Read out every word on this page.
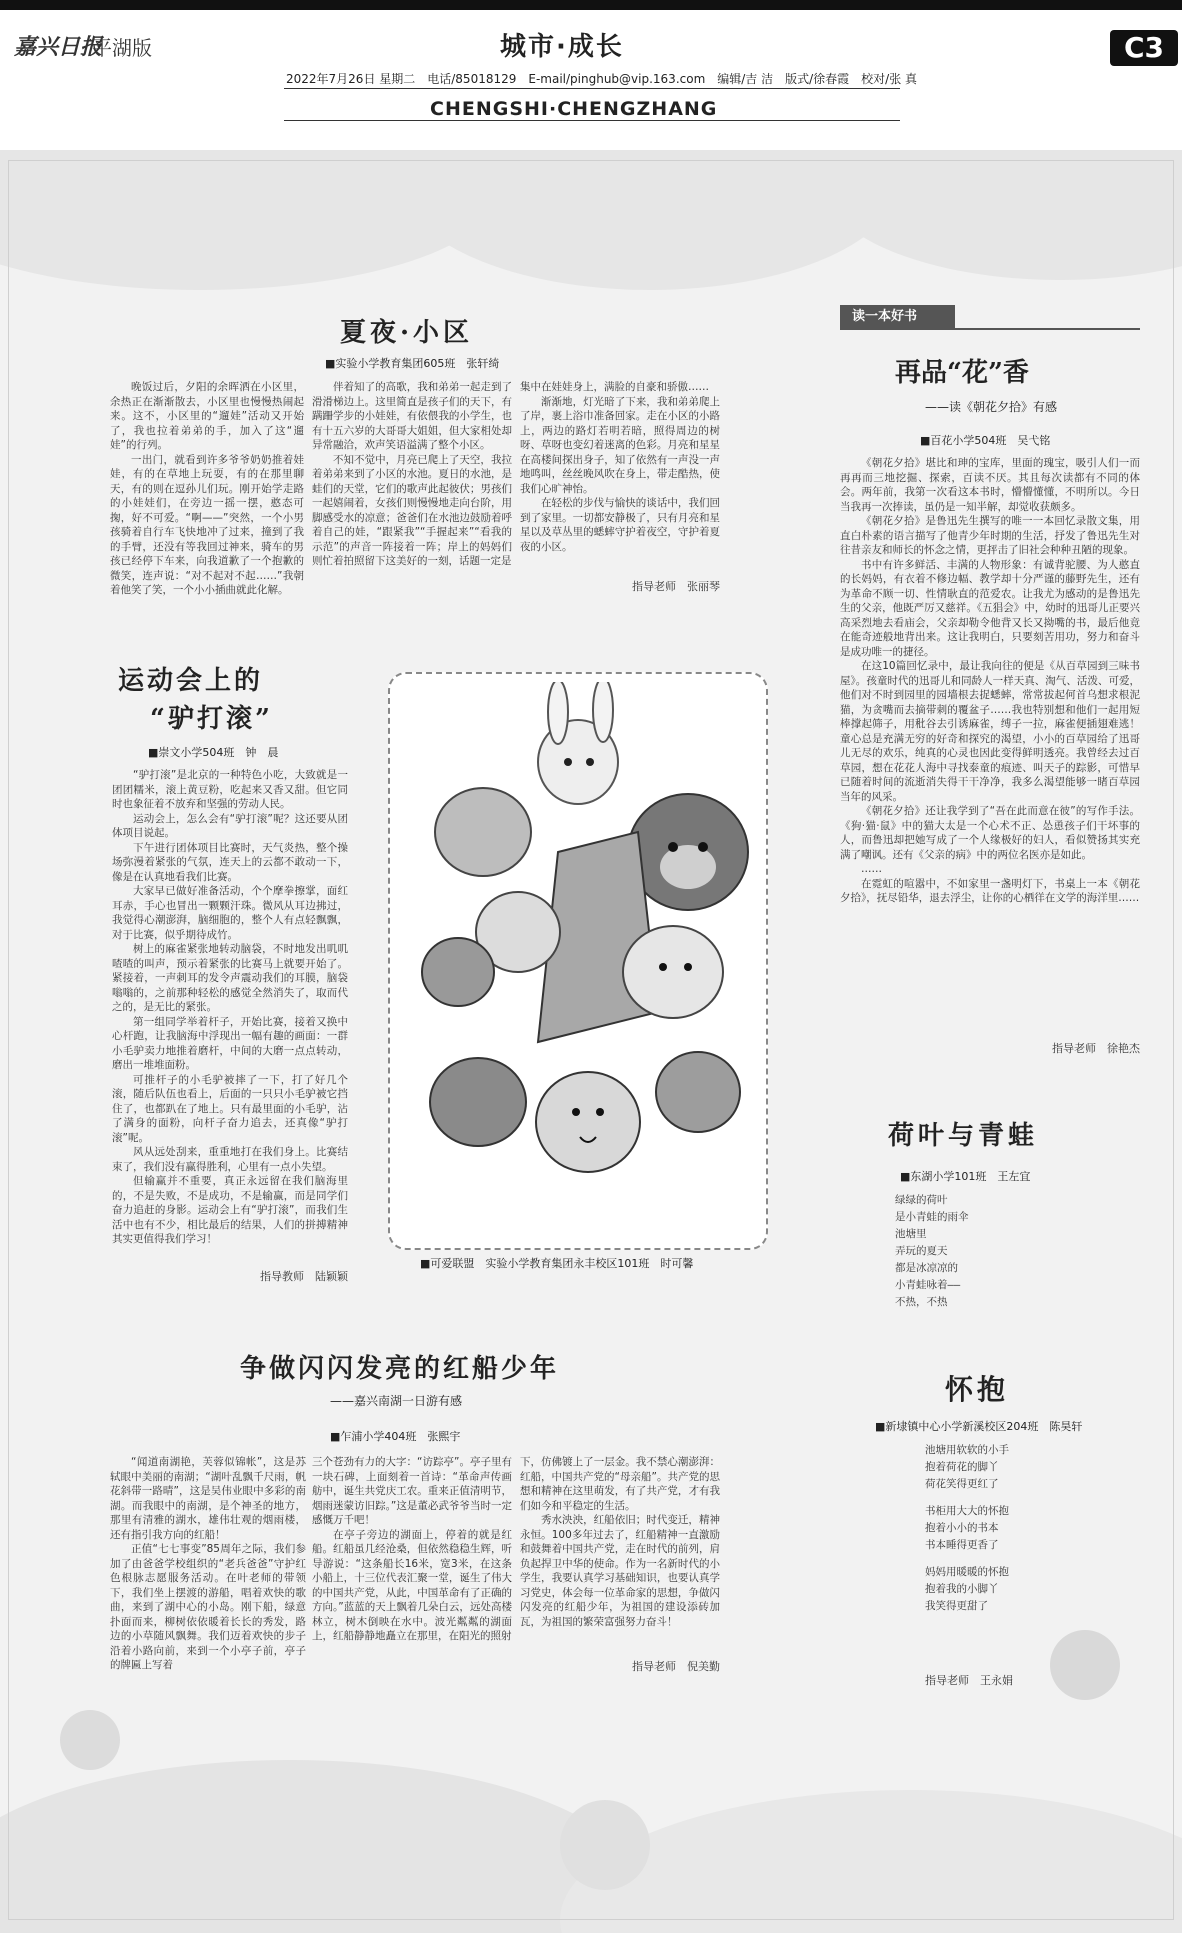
嘉兴日报
平湖版	城市·成长	C3
2022年7月26日 星期二　电话/85018129　E-mail/pinghub@vip.163.com　编辑/吉 洁　版式/徐春霞　校对/张 真
CHENGSHI·CHENGZHANG
夏夜·小区
■实验小学教育集团605班　张轩绮

晚饭过后，夕阳的余晖洒在小区里，余热正在渐渐散去，小区里也慢慢热闹起来。这不，小区里的“遛娃”活动又开始了，我也拉着弟弟的手，加入了这“遛娃”的行列。

一出门，就看到许多爷爷奶奶推着娃娃，有的在草地上玩耍，有的在那里聊天，有的则在逗孙儿们玩。刚开始学走路的小娃娃们，在旁边一摇一摆，憨态可掬，好不可爱。“啊——”突然，一个小男孩骑着自行车飞快地冲了过来，撞到了我的手臂，还没有等我回过神来，骑车的男孩已经停下车来，向我道歉了一个抱歉的微笑，连声说：“对不起对不起……”我朝着他笑了笑，一个小小插曲就此化解。

伴着知了的高歌，我和弟弟一起走到了滑滑梯边上。这里简直是孩子们的天下，有蹒跚学步的小娃娃，有依偎我的小学生，也有十五六岁的大哥哥大姐姐，但大家相处却异常融洽，欢声笑语溢满了整个小区。

不知不觉中，月亮已爬上了天空，我拉着弟弟来到了小区的水池。夏日的水池，是蛙们的天堂，它们的歌声此起彼伏；男孩们一起嬉闹着，女孩们则慢慢地走向台阶，用脚感受水的凉意；爸爸们在水池边鼓励着呼着自己的娃，“跟紧我”“手握起来”“看我的示范”的声音一阵接着一阵；岸上的妈妈们则忙着拍照留下这美好的一刻，话题一定是

集中在娃娃身上，满脸的自豪和骄傲……

渐渐地，灯光暗了下来，我和弟弟爬上了岸，裹上浴巾准备回家。走在小区的小路上，两边的路灯若明若暗，照得周边的树呀、草呀也变幻着迷离的色彩。月亮和星星在高楼间探出身子，知了依然有一声没一声地鸣叫，丝丝晚风吹在身上，带走酷热，使我们心旷神怡。

在轻松的步伐与愉快的谈话中，我们回到了家里。一切都安静极了，只有月亮和星星以及草丛里的蟋蟀守护着夜空，守护着夏夜的小区。

指导老师　张丽琴
运动会上的
“驴打滚”
■崇文小学504班　钟　晨

“驴打滚”是北京的一种特色小吃，大致就是一团团糯米，滚上黄豆粉，吃起来又香又甜。但它同时也象征着不放弃和坚强的劳动人民。

运动会上，怎么会有“驴打滚”呢？这还要从团体项目说起。

下午进行团体项目比赛时，天气炎热，整个操场弥漫着紧张的气氛，连天上的云都不敢动一下，像是在认真地看我们比赛。

大家早已做好准备活动，个个摩拳擦掌，面红耳赤，手心也冒出一颗颗汗珠。微风从耳边拂过，我觉得心潮澎湃，脑细胞的，整个人有点轻飘飘，对于比赛，似乎期待成竹。

树上的麻雀紧张地转动脑袋，不时地发出叽叽喳喳的叫声，预示着紧张的比赛马上就要开始了。紧接着，一声刺耳的发令声震动我们的耳膜，脑袋嗡嗡的，之前那种轻松的感觉全然消失了，取而代之的，是无比的紧张。

第一组同学举着杆子，开始比赛，接着又换中心杆跑，让我脑海中浮现出一幅有趣的画面：一群小毛驴卖力地推着磨杆，中间的大磨一点点转动，磨出一堆堆面粉。

可推杆子的小毛驴被摔了一下，打了好几个滚，随后队伍也看上，后面的一只只小毛驴被它挡住了，也都趴在了地上。只有最里面的小毛驴，沾了满身的面粉，向杆子奋力追去，还真像“驴打滚”呢。

风从远处刮来，重重地打在我们身上。比赛结束了，我们没有赢得胜利，心里有一点小失望。

但输赢并不重要，真正永远留在我们脑海里的，不是失败，不是成功，不是输赢，而是同学们奋力追赶的身影。运动会上有“驴打滚”，而我们生活中也有不少，相比最后的结果，人们的拼搏精神其实更值得我们学习！

指导教师　陆颖颖
■可爱联盟　实验小学教育集团永丰校区101班　时可馨
争做闪闪发亮的红船少年
——嘉兴南湖一日游有感
■乍浦小学404班　张熙宇

“闻道南湖艳，芙蓉似锦帐”，这是苏轼眼中美丽的南湖；“湖叶乱飘千尺雨，帆花斜带一路晴”，这是吴伟业眼中多彩的南湖。而我眼中的南湖，是个神圣的地方，那里有清雅的湖水，雄伟壮观的烟雨楼，还有指引我方向的红船！

正值“七七事变”85周年之际，我们参加了由爸爸学校组织的“老兵爸爸”守护红色根脉志愿服务活动。在叶老师的带领下，我们坐上摆渡的游船，唱着欢快的歌曲，来到了湖中心的小岛。刚下船，绿意扑面而来，柳树依依暖着长长的秀发，路边的小草随风飘舞。我们迈着欢快的步子沿着小路向前，来到一个小亭子前，亭子的牌匾上写着

三个苍劲有力的大字：“访踪亭”。亭子里有一块石碑，上面刻着一首诗：“革命声传画舫中，诞生共党庆工农。重来正值清明节，烟雨迷蒙访旧踪。”这是董必武爷爷当时一定感慨万千吧！

在亭子旁边的湖面上，停着的就是红船。红船虽几经沧桑，但依然稳稳生辉，听导游说：“这条船长16米，宽3米，在这条小船上，十三位代表汇聚一堂，诞生了伟大的中国共产党，从此，中国革命有了正确的方向。”蓝蓝的天上飘着几朵白云，远处高楼林立，树木倒映在水中。波光粼粼的湖面上，红船静静地矗立在那里，在阳光的照射

下，仿佛镀上了一层金。我不禁心潮澎湃：红船，中国共产党的“母亲船”。共产党的思想和精神在这里萌发，有了共产党，才有我们如今和平稳定的生活。

秀水泱泱，红船依旧；时代变迁，精神永恒。100多年过去了，红船精神一直激励和鼓舞着中国共产党，走在时代的前列，肩负起捍卫中华的使命。作为一名新时代的小学生，我要认真学习基础知识，也要认真学习党史，体会每一位革命家的思想，争做闪闪发亮的红船少年，为祖国的建设添砖加瓦，为祖国的繁荣富强努力奋斗！

指导老师　倪美勤
读一本好书
再品“花”香
——读《朝花夕拾》有感
■百花小学504班　吴弋铭

《朝花夕拾》堪比和珅的宝库，里面的瑰宝，吸引人们一而再再而三地挖掘、探索，百读不厌。其且每次读都有不同的体会。两年前，我第一次看这本书时，懵懵懂懂，不明所以。今日当我再一次捧读，虽仍是一知半解，却觉收获颇多。

《朝花夕拾》是鲁迅先生撰写的唯一一本回忆录散文集，用直白朴素的语言描写了他青少年时期的生活，抒发了鲁迅先生对往昔亲友和师长的怀念之情，更抨击了旧社会种种丑陋的现象。

书中有许多鲜活、丰满的人物形象：有诚背驼腰、为人憨直的长妈妈，有衣着不修边幅、教学却十分严谨的藤野先生，还有为革命不顾一切、性情耿直的范爱农。让我尤为感动的是鲁迅先生的父亲，他既严厉又慈祥。《五猖会》中，幼时的迅哥儿正要兴高采烈地去看庙会，父亲却勒令他背又长又拗嘴的书，最后他竟在能奇迹般地背出来。这让我明白，只要刻苦用功，努力和奋斗是成功唯一的捷径。

在这10篇回忆录中，最让我向往的便是《从百草园到三味书屋》。孩童时代的迅哥儿和同龄人一样天真、淘气、活泼、可爱，他们对不时到园里的园墙根去捉蟋蟀，常常拔起何首乌想求根泥猫，为贪嘴而去摘带刺的覆盆子……我也特别想和他们一起用短棒撑起筛子，用秕谷去引诱麻雀，缚子一拉，麻雀便插翅难逃！童心总是充满无穷的好奇和探究的渴望，小小的百草园给了迅哥儿无尽的欢乐，纯真的心灵也因此变得鲜明透亮。我曾经去过百草园，想在花花人海中寻找泰童的痕迹、叫天子的踪影，可惜早已随着时间的流逝消失得干干净净，我多么渴望能够一睹百草园当年的风采。

《朝花夕拾》还让我学到了“吾在此而意在彼”的写作手法。《狗·猫·鼠》中的猫大太是一个心术不正、怂恿孩子们干坏事的人，而鲁迅却把她写成了一个人缘极好的妇人，看似赞扬其实充满了嘲讽。还有《父亲的病》中的两位名医亦是如此。

……

在霓虹的喧嚣中，不如家里一盏明灯下，书桌上一本《朝花夕拾》，抚尽铅华，退去浮尘，让你的心栖徉在文学的海洋里……

指导老师　徐艳杰
荷叶与青蛙
■东湖小学101班　王左宜
绿绿的荷叶
是小青蛙的雨伞
池塘里
弄玩的夏天
都是冰凉凉的
小青蛙咏着——
不热，不热
怀抱
■新埭镇中心小学新溪校区204班　陈昊轩
池塘用软软的小手
抱着荷花的脚丫
荷花笑得更红了
书柜用大大的怀抱
抱着小小的书本
书本睡得更香了
妈妈用暖暖的怀抱
抱着我的小脚丫
我笑得更甜了
指导老师　王永娟
